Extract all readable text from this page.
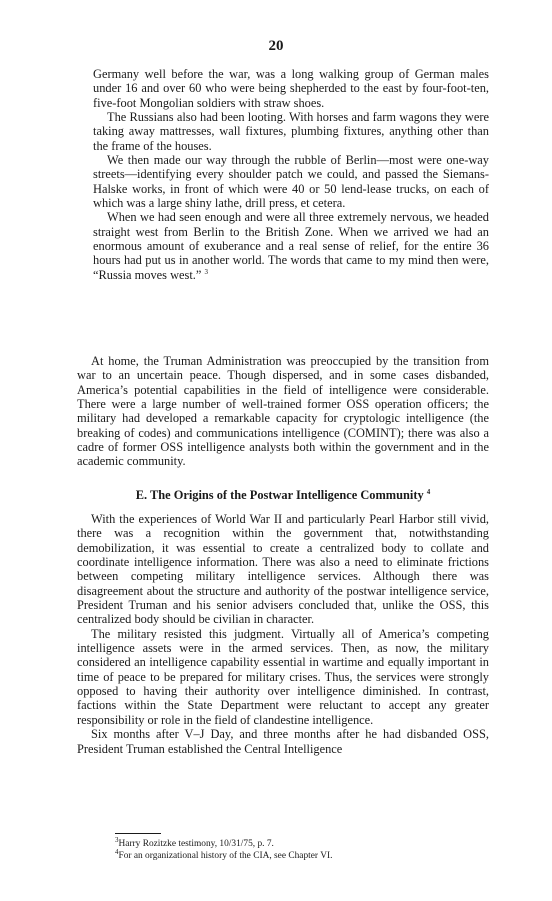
20

Germany well before the war, was a long walking group of German males under 16 and over 60 who were being shepherded to the east by four-foot-ten, five-foot Mongolian soldiers with straw shoes.

The Russians also had been looting. With horses and farm wagons they were taking away mattresses, wall fixtures, plumbing fixtures, anything other than the frame of the houses.

We then made our way through the rubble of Berlin—most were one-way streets—identifying every shoulder patch we could, and passed the Siemans-Halske works, in front of which were 40 or 50 lend-lease trucks, on each of which was a large shiny lathe, drill press, et cetera.

When we had seen enough and were all three extremely nervous, we headed straight west from Berlin to the British Zone. When we arrived we had an enormous amount of exuberance and a real sense of relief, for the entire 36 hours had put us in another world. The words that came to my mind then were, “Russia moves west.” $^3$

At home, the Truman Administration was preoccupied by the transition from war to an uncertain peace. Though dispersed, and in some cases disbanded, America’s potential capabilities in the field of intelligence were considerable. There were a large number of well-trained former OSS operation officers; the military had developed a remarkable capacity for cryptologic intelligence (the breaking of codes) and communications intelligence (COMINT); there was also a cadre of former OSS intelligence analysts both within the government and in the academic community.

E. The Origins of the Postwar Intelligence Community $^4$

With the experiences of World War II and particularly Pearl Harbor still vivid, there was a recognition within the government that, notwithstanding demobilization, it was essential to create a centralized body to collate and coordinate intelligence information. There was also a need to eliminate frictions between competing military intelligence services. Although there was disagreement about the structure and authority of the postwar intelligence service, President Truman and his senior advisers concluded that, unlike the OSS, this centralized body should be civilian in character.

The military resisted this judgment. Virtually all of America’s competing intelligence assets were in the armed services. Then, as now, the military considered an intelligence capability essential in wartime and equally important in time of peace to be prepared for military crises. Thus, the services were strongly opposed to having their authority over intelligence diminished. In contrast, factions within the State Department were reluctant to accept any greater responsibility or role in the field of clandestine intelligence.

Six months after V–J Day, and three months after he had disbanded OSS, President Truman established the Central Intelligence

$^3$Harry Rozitzke testimony, 10/31/75, p. 7.
$^4$For an organizational history of the CIA, see Chapter VI.
